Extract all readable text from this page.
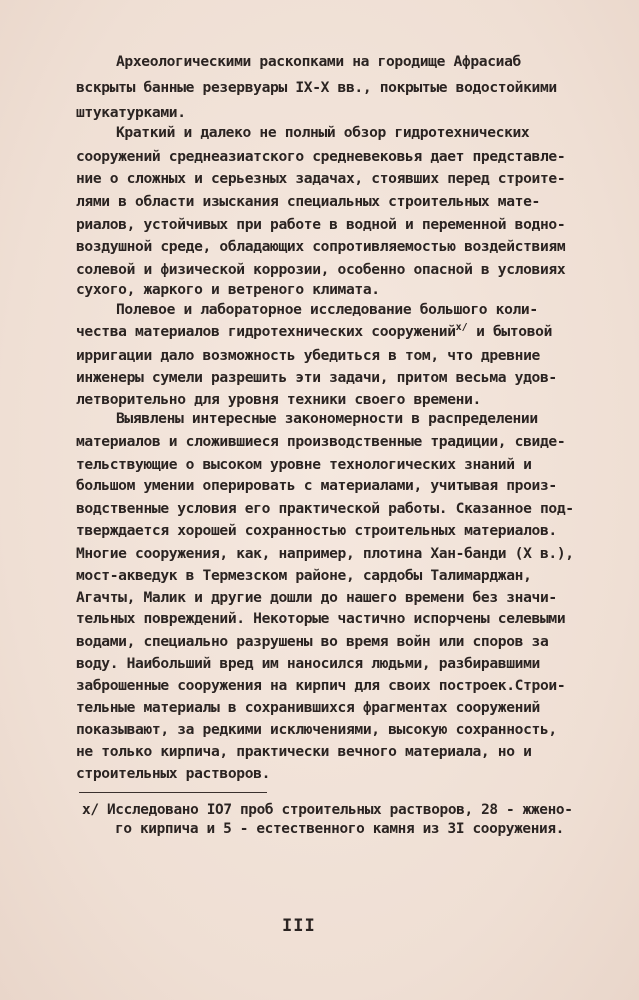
Археологическими раскопками на городище Афрасиаб
вскрыты банные резервуары IX-X вв., покрытые водостойкими
штукатурками.
Краткий и далеко не полный обзор гидротехнических
сооружений среднеазиатского средневековья дает представле-
ние о сложных и серьезных задачах, стоявших перед строите-
лями в области изыскания специальных строительных мате-
риалов, устойчивых при работе в водной и переменной водно-
воздушной среде, обладающих сопротивляемостью воздействиям
солевой и физической коррозии, особенно опасной в условиях
сухого, жаркого и ветреного климата.
Полевое и лабораторное исследование большого коли-
чества материалов гидротехнических сооружений$^{x/}$ и бытовой
ирригации дало возможность убедиться в том, что древние
инженеры сумели разрешить эти задачи, притом весьма удов-
летворительно для уровня техники своего времени.
Выявлены интересные закономерности в распределении
материалов и сложившиеся производственные традиции, свиде-
тельствующие о высоком уровне технологических знаний и
большом умении оперировать с материалами, учитывая произ-
водственные условия его практической работы. Сказанное под-
тверждается хорошей сохранностью строительных материалов.
Многие сооружения, как, например, плотина Хан-банди (X в.),
мост-акведук в Термезском районе, сардобы Талимарджан,
Агачты, Малик и другие дошли до нашего времени без значи-
тельных повреждений. Некоторые частично испорчены селевыми
водами, специально разрушены во время войн или споров за
воду. Наибольший вред им наносился людьми, разбиравшими
заброшенные сооружения на кирпич для своих построек.Строи-
тельные материалы в сохранившихся фрагментах сооружений
показывают, за редкими исключениями, высокую сохранность,
не только кирпича, практически вечного материала, но и
строительных растворов.
x/ Исследовано IO7 проб строительных растворов, 28 - жжено-
го кирпича и 5 - естественного камня из 3I сооружения.
III
